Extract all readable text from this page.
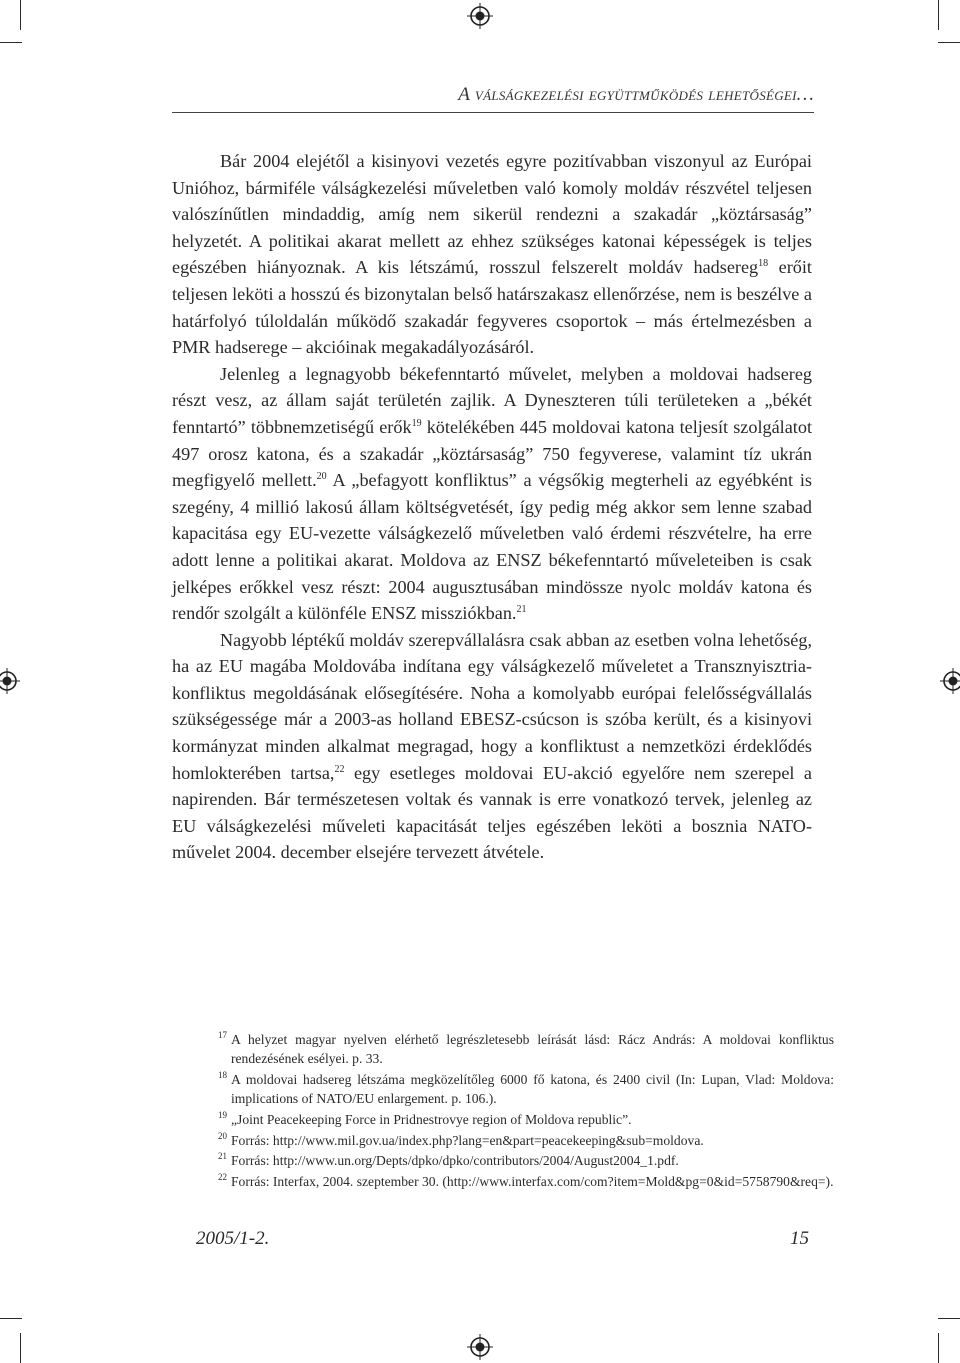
A válságkezelési együttműködés lehetőségei…

Bár 2004 elejétől a kisinyovi vezetés egyre pozitívabban viszonyul az Európai Unióhoz, bármiféle válságkezelési műveletben való komoly moldáv részvétel teljesen valószínűtlen mindaddig, amíg nem sikerül rendezni a szakadár „köztársaság” helyzetét. A politikai akarat mellett az ehhez szükséges katonai képességek is teljes egészében hiányoznak. A kis létszámú, rosszul felszerelt moldáv hadsereg$^{18}$ erőit teljesen leköti a hosszú és bizonytalan belső határszakasz ellenőrzése, nem is beszélve a határfolyó túloldalán működő szakadár fegyveres csoportok – más értelmezésben a PMR hadserege – akcióinak megakadályozásáról.

Jelenleg a legnagyobb békefenntartó művelet, melyben a moldovai hadsereg részt vesz, az állam saját területén zajlik. A Dyneszteren túli területeken a „békét fenntartó” többnemzetiségű erők$^{19}$ kötelékében 445 moldovai katona teljesít szolgálatot 497 orosz katona, és a szakadár „köztársaság” 750 fegyverese, valamint tíz ukrán megfigyelő mellett.$^{20}$ A „befagyott konfliktus” a végsőkig megterheli az egyébként is szegény, 4 millió lakosú állam költségvetését, így pedig még akkor sem lenne szabad kapacitása egy EU-vezette válságkezelő műveletben való érdemi részvételre, ha erre adott lenne a politikai akarat. Moldova az ENSZ békefenntartó műveleteiben is csak jelképes erőkkel vesz részt: 2004 augusztusában mindössze nyolc moldáv katona és rendőr szolgált a különféle ENSZ missziókban.$^{21}$

Nagyobb léptékű moldáv szerepvállalásra csak abban az esetben volna lehetőség, ha az EU magába Moldovába indítana egy válságkezelő műveletet a Transznyisztria-konfliktus megoldásának elősegítésére. Noha a komolyabb európai felelősségvállalás szükségessége már a 2003-as holland EBESZ-csúcson is szóba került, és a kisinyovi kormányzat minden alkalmat megragad, hogy a konfliktust a nemzetközi érdeklődés homlokterében tartsa,$^{22}$ egy esetleges moldovai EU-akció egyelőre nem szerepel a napirenden. Bár természetesen voltak és vannak is erre vonatkozó tervek, jelenleg az EU válságkezelési műveleti kapacitását teljes egészében leköti a bosznia NATO-művelet 2004. december elsejére tervezett átvétele.

17 A helyzet magyar nyelven elérhető legrészletesebb leírását lásd: Rácz András: A moldovai konfliktus rendezésének esélyei. p. 33.
18 A moldovai hadsereg létszáma megközelítőleg 6000 fő katona, és 2400 civil (In: Lupan, Vlad: Moldova: implications of NATO/EU enlargement. p. 106.).
19 „Joint Peacekeeping Force in Pridnestrovye region of Moldova republic”.
20 Forrás: http://www.mil.gov.ua/index.php?lang=en&part=peacekeeping&sub=moldova.
21 Forrás: http://www.un.org/Depts/dpko/dpko/contributors/2004/August2004_1.pdf.
22 Forrás: Interfax, 2004. szeptember 30. (http://www.interfax.com/com?item=Mold&pg=0&id=5758790&req=).
2005/1-2.	15
